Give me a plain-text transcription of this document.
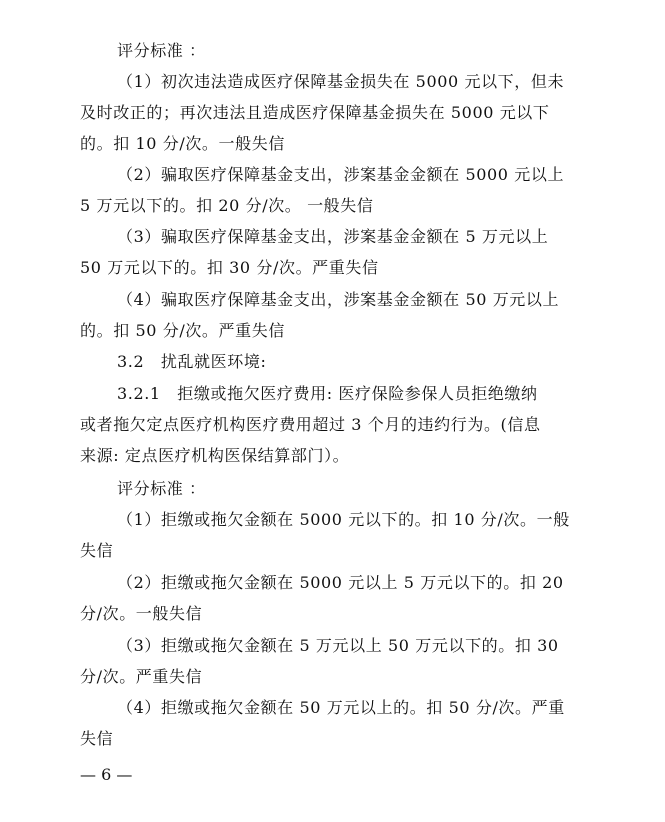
评分标准 ：
（1）初次违法造成医疗保障基金损失在 5000 元以下，但未
及时改正的；再次违法且造成医疗保障基金损失在 5000 元以下
的。扣 10 分/次。一般失信
（2）骗取医疗保障基金支出，涉案基金金额在 5000 元以上
5 万元以下的。扣 20 分/次。 一般失信
（3）骗取医疗保障基金支出，涉案基金金额在 5 万元以上
50 万元以下的。扣 30 分/次。严重失信
（4）骗取医疗保障基金支出，涉案基金金额在 50 万元以上
的。扣 50 分/次。严重失信
3.2　扰乱就医环境:
3.2.1　拒缴或拖欠医疗费用: 医疗保险参保人员拒绝缴纳
或者拖欠定点医疗机构医疗费用超过 3 个月的违约行为。(信息
来源: 定点医疗机构医保结算部门）。
评分标准 ：
（1）拒缴或拖欠金额在 5000 元以下的。扣 10 分/次。一般
失信
（2）拒缴或拖欠金额在 5000 元以上 5 万元以下的。扣 20
分/次。一般失信
（3）拒缴或拖欠金额在 5 万元以上 50 万元以下的。扣 30
分/次。严重失信
（4）拒缴或拖欠金额在 50 万元以上的。扣 50 分/次。严重
失信
— 6 —
